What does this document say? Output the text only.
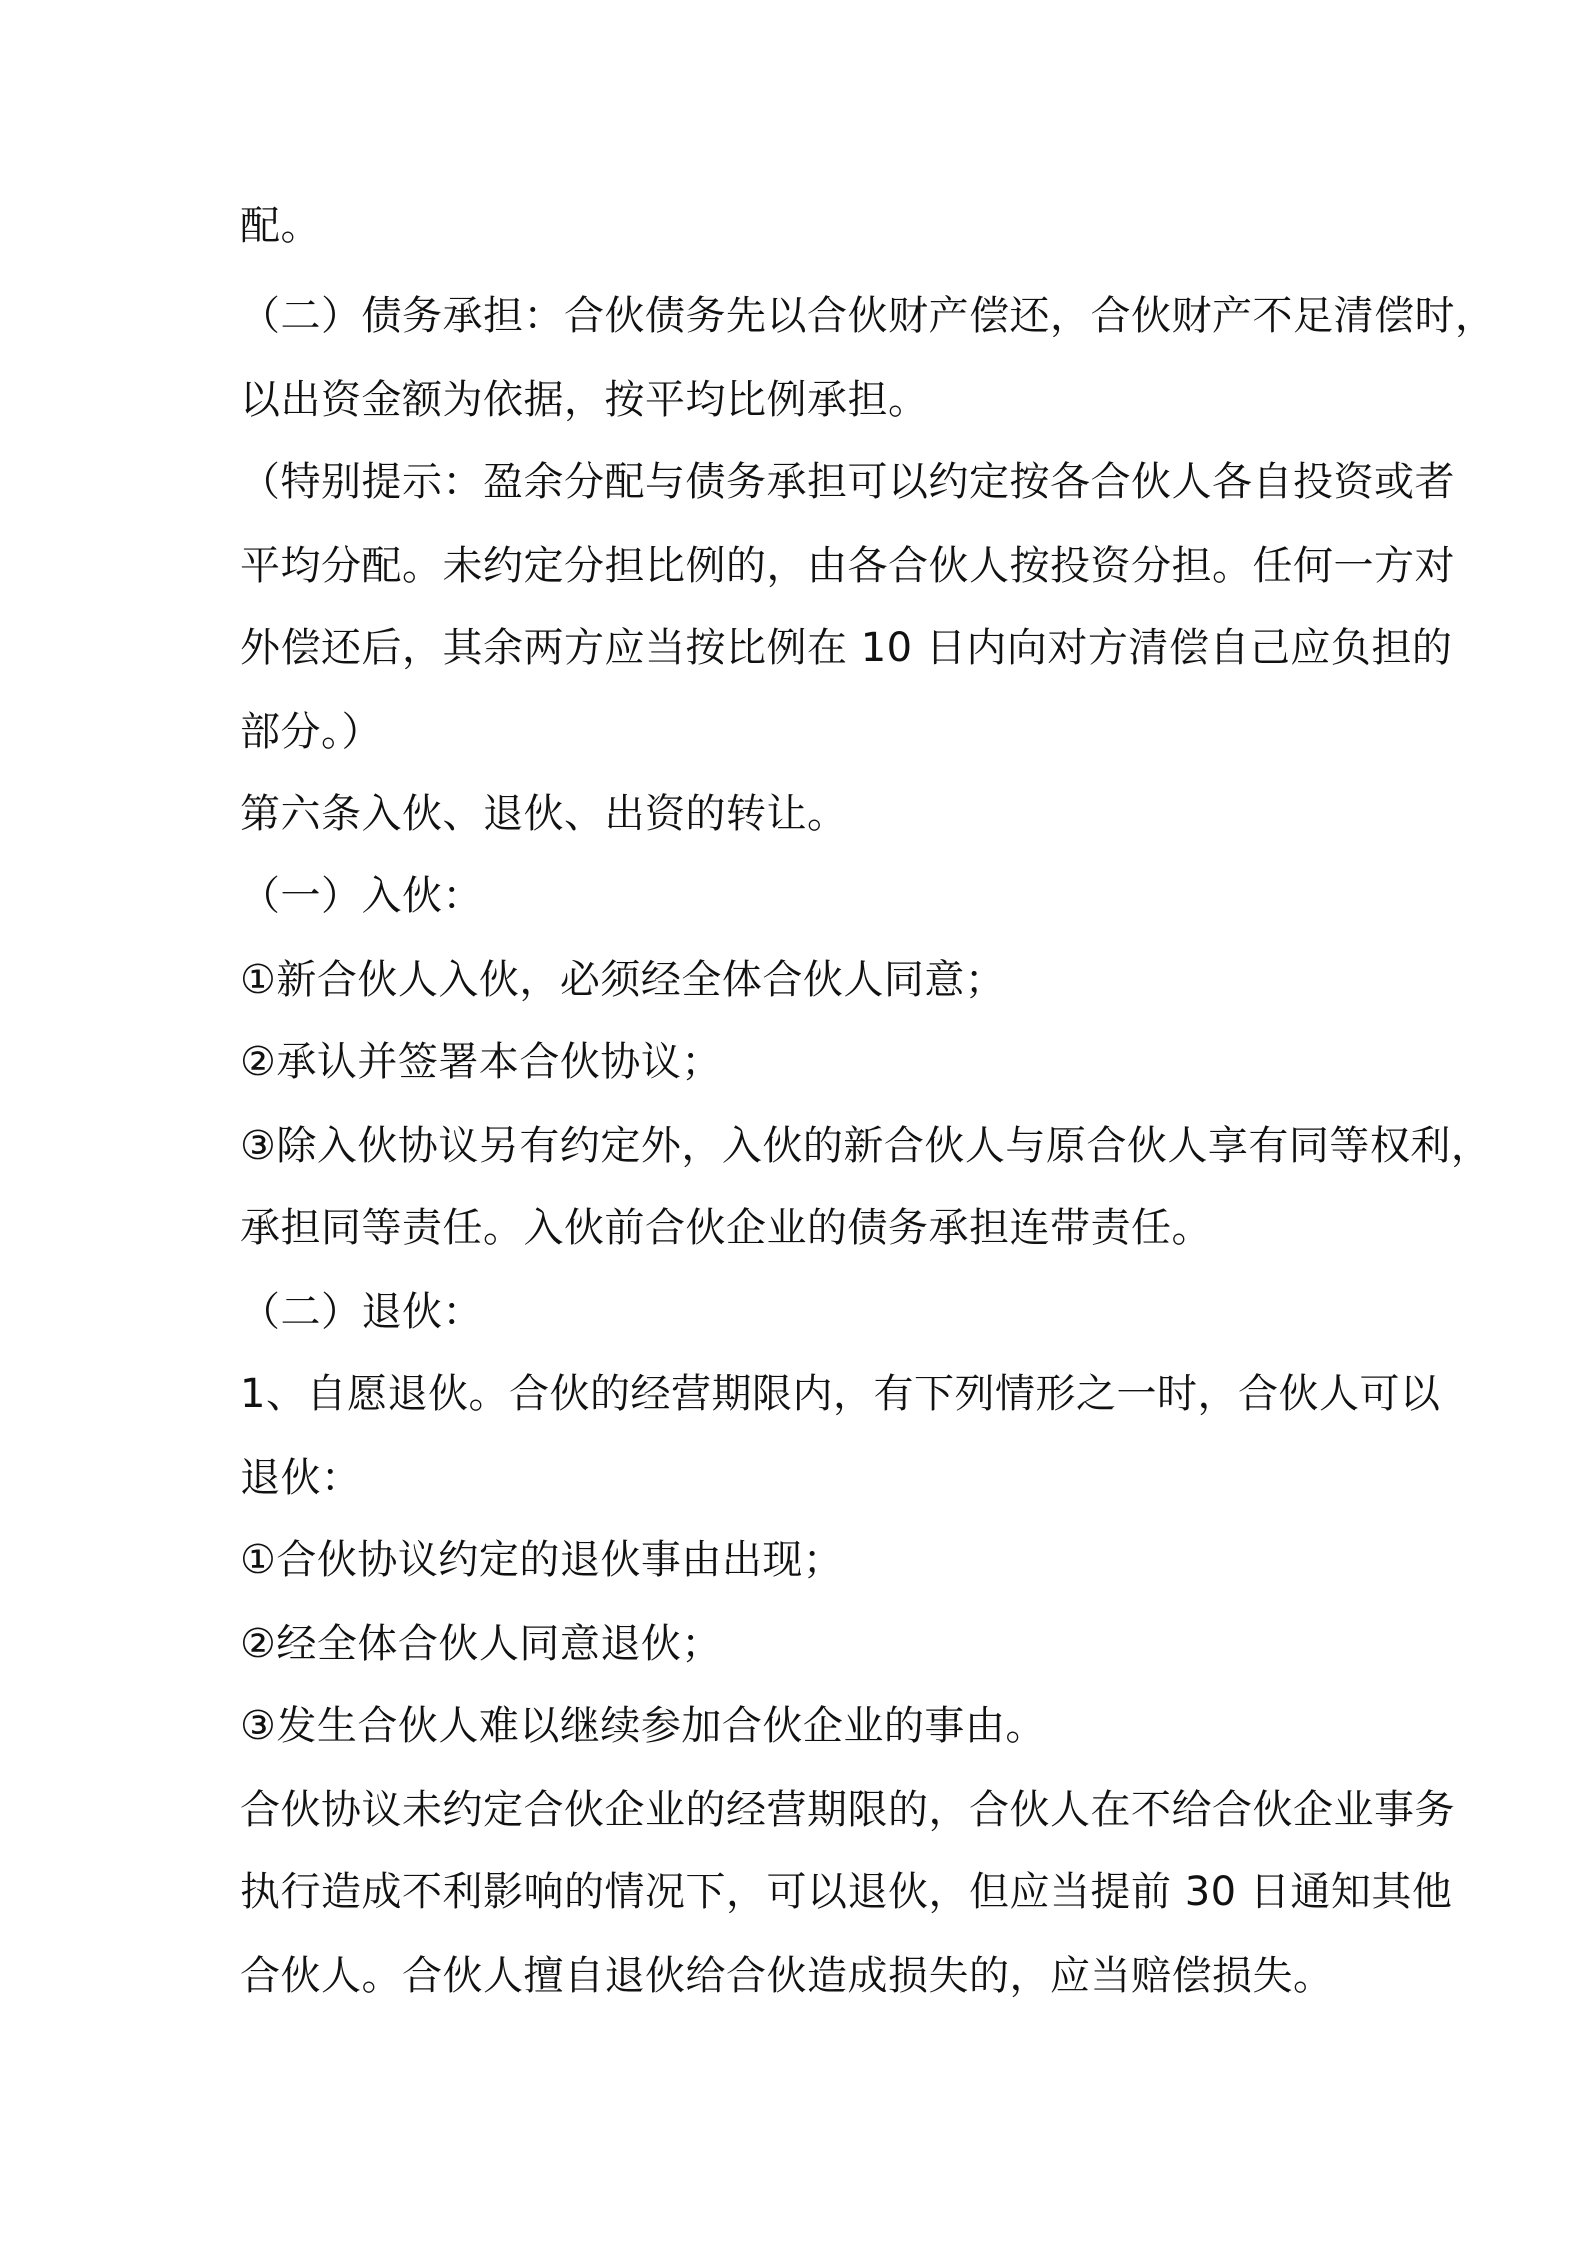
配。
（二）债务承担：合伙债务先以合伙财产偿还，合伙财产不足清偿时，
以出资金额为依据，按平均比例承担。
（特别提示：盈余分配与债务承担可以约定按各合伙人各自投资或者
平均分配。未约定分担比例的，由各合伙人按投资分担。任何一方对
外偿还后，其余两方应当按比例在 10 日内向对方清偿自己应负担的
部分。）
第六条入伙、退伙、出资的转让。
（一）入伙：
①新合伙人入伙，必须经全体合伙人同意；
②承认并签署本合伙协议；
③除入伙协议另有约定外，入伙的新合伙人与原合伙人享有同等权利，
承担同等责任。入伙前合伙企业的债务承担连带责任。
（二）退伙：
1、自愿退伙。合伙的经营期限内，有下列情形之一时，合伙人可以
退伙：
①合伙协议约定的退伙事由出现；
②经全体合伙人同意退伙；
③发生合伙人难以继续参加合伙企业的事由。
合伙协议未约定合伙企业的经营期限的，合伙人在不给合伙企业事务
执行造成不利影响的情况下，可以退伙，但应当提前 30 日通知其他
合伙人。合伙人擅自退伙给合伙造成损失的，应当赔偿损失。
